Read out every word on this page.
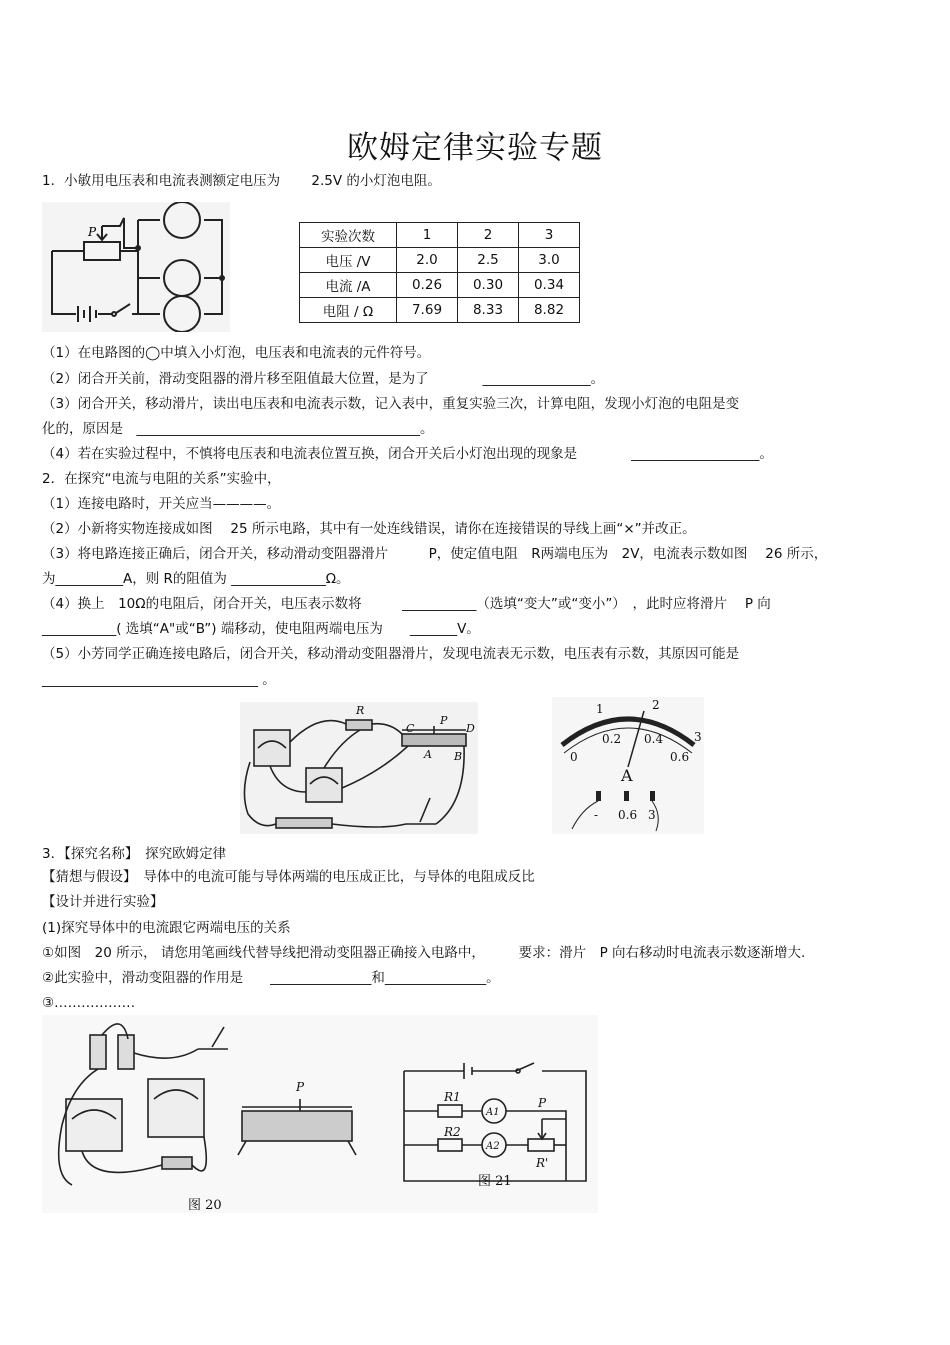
欧姆定律实验专题
1．小敏用电压表和电流表测额定电压为　　 2.5V 的小灯泡电阻。
P	实验次数	1	2	3
电压 /V	2.0	2.5	3.0
电流 /A	0.26	0.30	0.34
电阻 / Ω	7.69	8.33	8.82
（1）在电路图的◯中填入小灯泡，电压表和电流表的元件符号。
（2）闭合开关前，滑动变阻器的滑片移至阻值最大位置，是为了　　　　________________。
（3）闭合开关，移动滑片，读出电压表和电流表示数，记入表中，重复实验三次，计算电阻，发现小灯泡的电阻是变
化的，原因是　__________________________________________。
（4）若在实验过程中，不慎将电压表和电流表位置互换，闭合开关后小灯泡出现的现象是　　　　___________________。
2．在探究“电流与电阻的关系”实验中，
（1）连接电路时，开关应当————。
（2）小新将实物连接成如图　 25 所示电路，其中有一处连线错误，请你在连接错误的导线上画“×”并改正。
（3）将电路连接正确后，闭合开关，移动滑动变阻器滑片　　　P，使定值电阻　R两端电压为　2V，电流表示数如图　 26 所示，
为__________A，则 R的阻值为 ______________Ω。
（4）换上　10Ω的电阻后，闭合开关，电压表示数将　　　___________（选填“变大”或“变小”）　，此时应将滑片　 P 向
___________( 选填“A"或“B”) 端移动，使电阻两端电压为　　_______V。
（5）小芳同学正确连接电路后，闭合开关，移动滑动变阻器滑片，发现电流表无示数，电压表有示数，其原因可能是
________________________________ 。
R
C
P
D
A B
1	2
3
0
0.2 0.4
0.6
A
- 0.6 3
3．【探究名称】　探究欧姆定律
【猜想与假设】　导体中的电流可能与导体两端的电压成正比，与导体的电阻成反比
【设计并进行实验】
(1)探究导体中的电流跟它两端电压的关系
①如图　20 所示， 请您用笔画线代替导线把滑动变阻器正确接入电路中，　　　要求：滑片　P 向右移动时电流表示数逐渐增大.
②此实验中，滑动变阻器的作用是　　_______________和_______________。
③………………
P
R1
R2
A1
A2
P
R'
图 20
图 21
